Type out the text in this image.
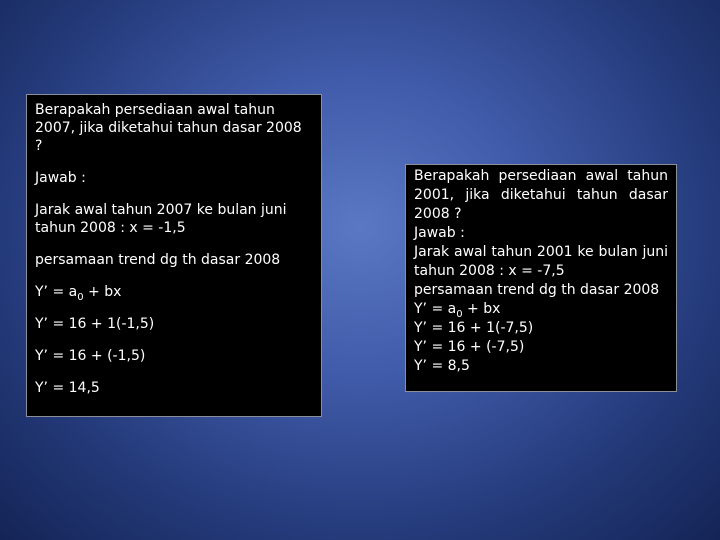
Berapakah persediaan awal tahun 2007, jika diketahui tahun dasar 2008 ?

Jawab :

Jarak awal tahun 2007 ke bulan juni tahun 2008 : x = -1,5

persamaan trend dg th dasar 2008

Y’ = $a_0$ + bx

Y’ = 16 + 1(-1,5)

Y’ = 16 + (-1,5)

Y’ = 14,5

Berapakah persediaan awal tahun 2001, jika diketahui tahun dasar 2008 ?

Jawab :

Jarak awal tahun 2001 ke bulan juni tahun 2008 : x = -7,5

persamaan trend dg th dasar 2008

Y’ = $a_0$ + bx

Y’ = 16 + 1(-7,5)

Y’ = 16 + (-7,5)

Y’ = 8,5
